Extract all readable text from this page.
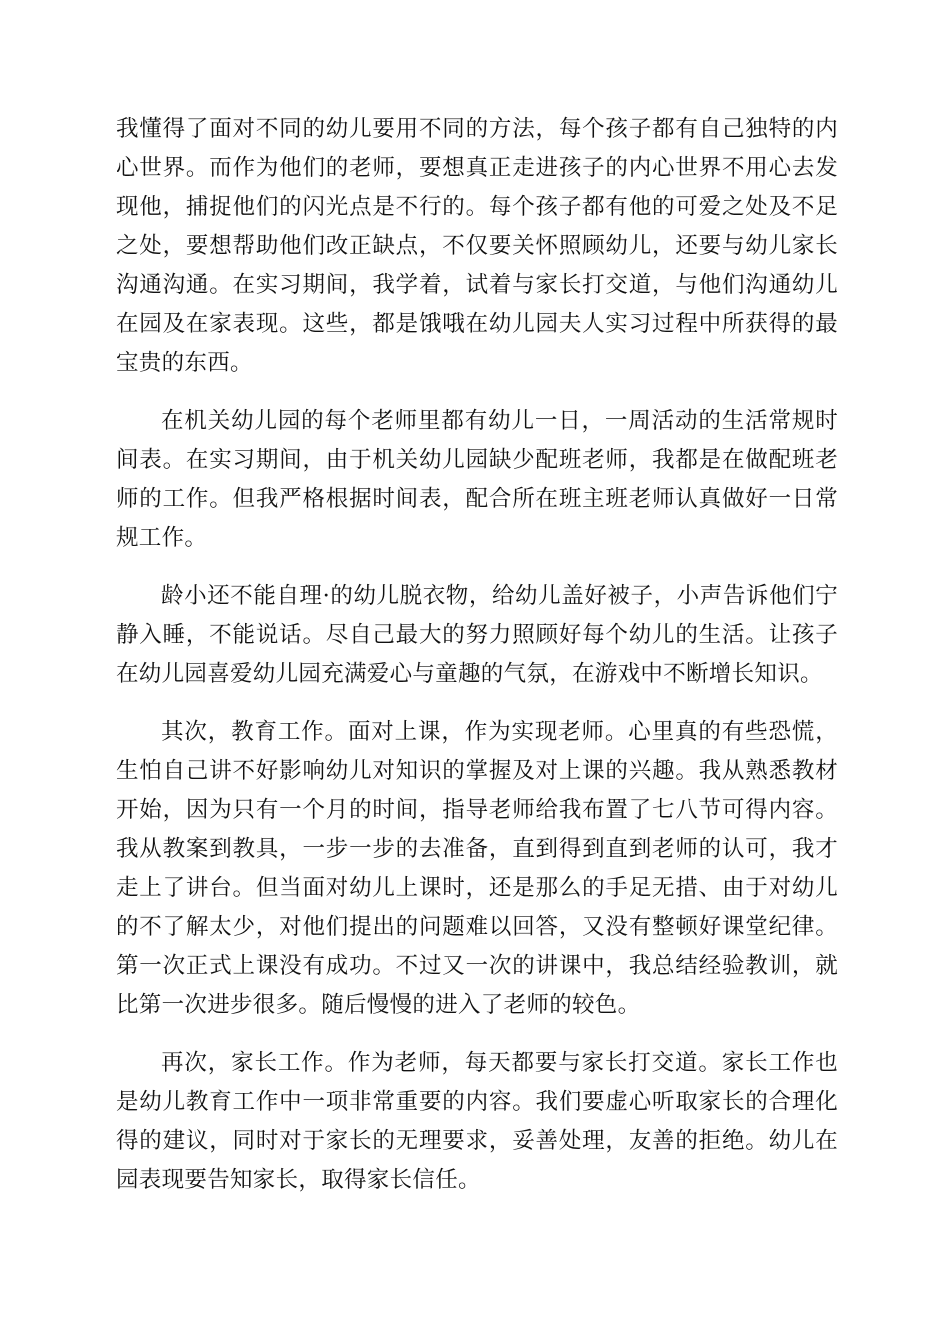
我懂得了面对不同的幼儿要用不同的方法，每个孩子都有自己独特的内心世界。而作为他们的老师，要想真正走进孩子的内心世界不用心去发现他，捕捉他们的闪光点是不行的。每个孩子都有他的可爱之处及不足之处，要想帮助他们改正缺点，不仅要关怀照顾幼儿，还要与幼儿家长沟通沟通。在实习期间，我学着，试着与家长打交道，与他们沟通幼儿在园及在家表现。这些，都是饿哦在幼儿园夫人实习过程中所获得的最宝贵的东西。

在机关幼儿园的每个老师里都有幼儿一日，一周活动的生活常规时间表。在实习期间，由于机关幼儿园缺少配班老师，我都是在做配班老师的工作。但我严格根据时间表，配合所在班主班老师认真做好一日常规工作。

龄小还不能自理·的幼儿脱衣物，给幼儿盖好被子，小声告诉他们宁静入睡，不能说话。尽自己最大的努力照顾好每个幼儿的生活。让孩子在幼儿园喜爱幼儿园充满爱心与童趣的气氛，在游戏中不断增长知识。

其次，教育工作。面对上课，作为实现老师。心里真的有些恐慌，生怕自己讲不好影响幼儿对知识的掌握及对上课的兴趣。我从熟悉教材开始，因为只有一个月的时间，指导老师给我布置了七八节可得内容。我从教案到教具，一步一步的去准备，直到得到直到老师的认可，我才走上了讲台。但当面对幼儿上课时，还是那么的手足无措、由于对幼儿的不了解太少，对他们提出的问题难以回答，又没有整顿好课堂纪律。第一次正式上课没有成功。不过又一次的讲课中，我总结经验教训，就比第一次进步很多。随后慢慢的进入了老师的较色。

再次，家长工作。作为老师，每天都要与家长打交道。家长工作也是幼儿教育工作中一项非常重要的内容。我们要虚心听取家长的合理化得的建议，同时对于家长的无理要求，妥善处理，友善的拒绝。幼儿在园表现要告知家长，取得家长信任。
